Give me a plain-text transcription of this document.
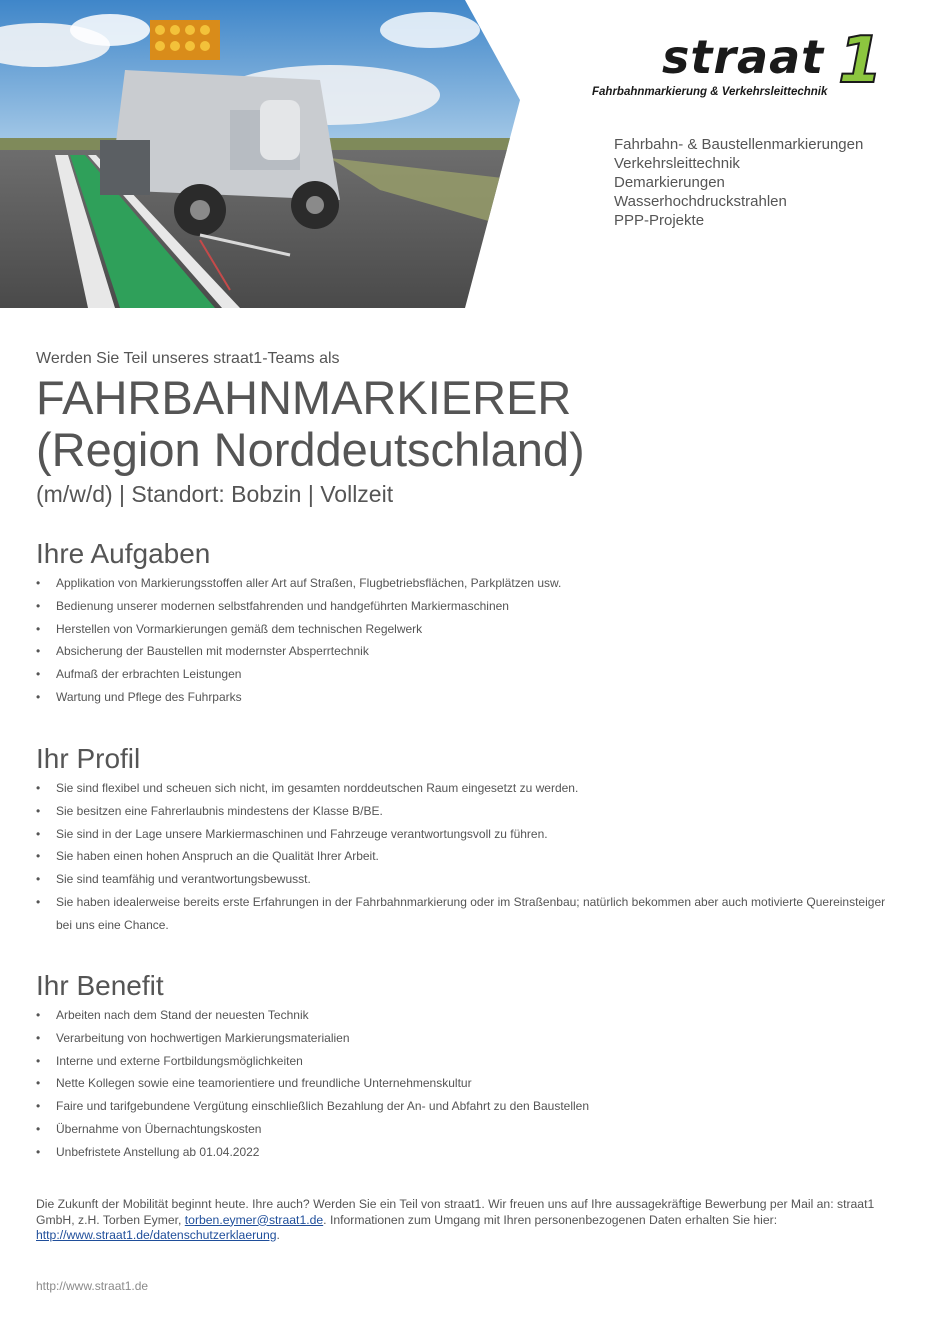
straat 1
Fahrbahnmarkierung & Verkehrsleittechnik
Fahrbahn- & Baustellenmarkierungen
Verkehrsleittechnik
Demarkierungen
Wasserhochdruckstrahlen
PPP-Projekte
Werden Sie Teil unseres straat1-Teams als
FAHRBAHNMARKIERER
(Region Norddeutschland)
(m/w/d) | Standort: Bobzin | Vollzeit
Ihre Aufgaben
• Applikation von Markierungsstoffen aller Art auf Straßen, Flugbetriebsflächen, Parkplätzen usw.
• Bedienung unserer modernen selbstfahrenden und handgeführten Markiermaschinen
• Herstellen von Vormarkierungen gemäß dem technischen Regelwerk
• Absicherung der Baustellen mit modernster Absperrtechnik
• Aufmaß der erbrachten Leistungen
• Wartung und Pflege des Fuhrparks
Ihr Profil
• Sie sind flexibel und scheuen sich nicht, im gesamten norddeutschen Raum eingesetzt zu werden.
• Sie besitzen eine Fahrerlaubnis mindestens der Klasse B/BE.
• Sie sind in der Lage unsere Markiermaschinen und Fahrzeuge verantwortungsvoll zu führen.
• Sie haben einen hohen Anspruch an die Qualität Ihrer Arbeit.
• Sie sind teamfähig und verantwortungsbewusst.
• Sie haben idealerweise bereits erste Erfahrungen in der Fahrbahnmarkierung oder im Straßenbau; natürlich bekommen aber auch motivierte Quereinsteiger bei uns eine Chance.
Ihr Benefit
• Arbeiten nach dem Stand der neuesten Technik
• Verarbeitung von hochwertigen Markierungsmaterialien
• Interne und externe Fortbildungsmöglichkeiten
• Nette Kollegen sowie eine teamorientiere und freundliche Unternehmenskultur
• Faire und tarifgebundene Vergütung einschließlich Bezahlung der An- und Abfahrt zu den Baustellen
• Übernahme von Übernachtungskosten
• Unbefristete Anstellung ab 01.04.2022

Die Zukunft der Mobilität beginnt heute. Ihre auch? Werden Sie ein Teil von straat1. Wir freuen uns auf Ihre aussagekräftige Bewerbung per Mail an: straat1 GmbH, z.H. Torben Eymer, torben.eymer@straat1.de. Informationen zum Umgang mit Ihren personenbezogenen Daten erhalten Sie hier: http://www.straat1.de/datenschutzerklaerung.

http://www.straat1.de
